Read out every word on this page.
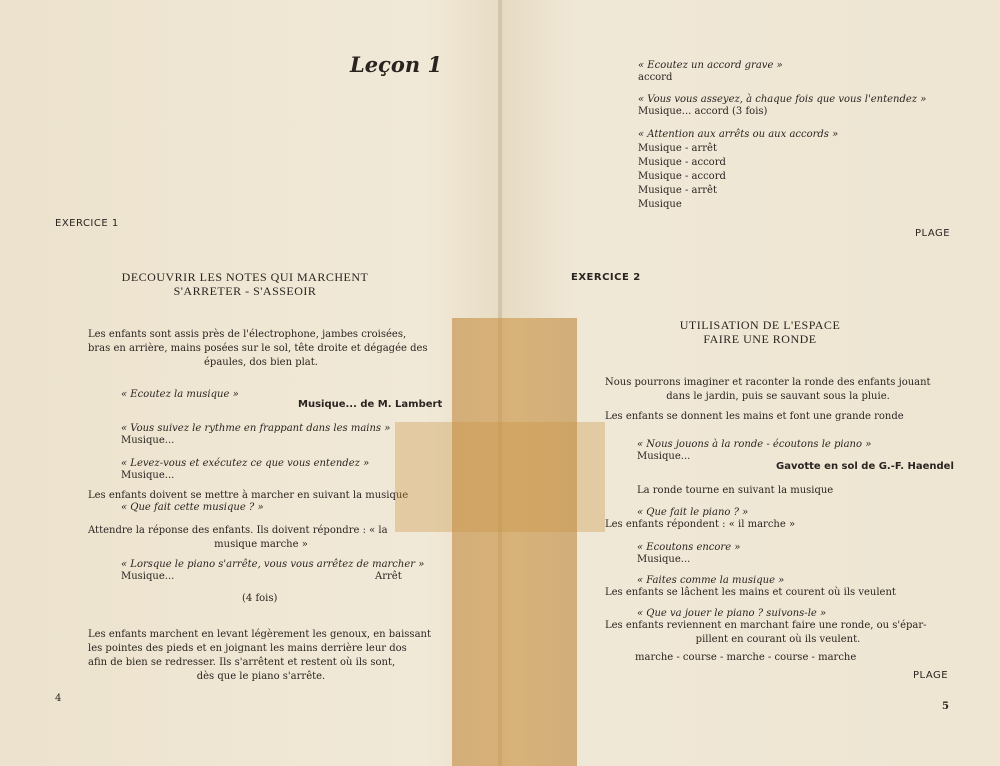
Leçon 1
EXERCICE 1
DECOUVRIR LES NOTES QUI MARCHENT
S'ARRETER - S'ASSEOIR
Les enfants sont assis près de l'électrophone, jambes croisées,
bras en arrière, mains posées sur le sol, tête droite et dégagée des
épaules, dos bien plat.
« Ecoutez la musique »
Musique... de M. Lambert
« Vous suivez le rythme en frappant dans les mains »
Musique...
« Levez-vous et exécutez ce que vous entendez »
Musique...
Les enfants doivent se mettre à marcher en suivant la musique
« Que fait cette musique ? »
Attendre la réponse des enfants. Ils doivent répondre : « la
musique marche »
« Lorsque le piano s'arrête, vous vous arrêtez de marcher »
Musique...	Arrêt
(4 fois)
Les enfants marchent en levant légèrement les genoux, en baissant
les pointes des pieds et en joignant les mains derrière leur dos
afin de bien se redresser. Ils s'arrêtent et restent où ils sont,
dès que le piano s'arrête.
4
« Ecoutez un accord grave »
accord
« Vous vous asseyez, à chaque fois que vous l'entendez »
Musique... accord (3 fois)
« Attention aux arrêts ou aux accords »
Musique - arrêt
Musique - accord
Musique - accord
Musique - arrêt
Musique
PLAGE
EXERCICE 2
UTILISATION DE L'ESPACE
FAIRE UNE RONDE
Nous pourrons imaginer et raconter la ronde des enfants jouant
dans le jardin, puis se sauvant sous la pluie.
Les enfants se donnent les mains et font une grande ronde
« Nous jouons à la ronde - écoutons le piano »
Musique...
Gavotte en sol de G.-F. Haendel
La ronde tourne en suivant la musique
« Que fait le piano ? »
Les enfants répondent : « il marche »
« Ecoutons encore »
Musique...
« Faites comme la musique »
Les enfants se lâchent les mains et courent où ils veulent
« Que va jouer le piano ? suivons-le »
Les enfants reviennent en marchant faire une ronde, ou s'épar-
pillent en courant où ils veulent.
marche - course - marche - course - marche
PLAGE
5
